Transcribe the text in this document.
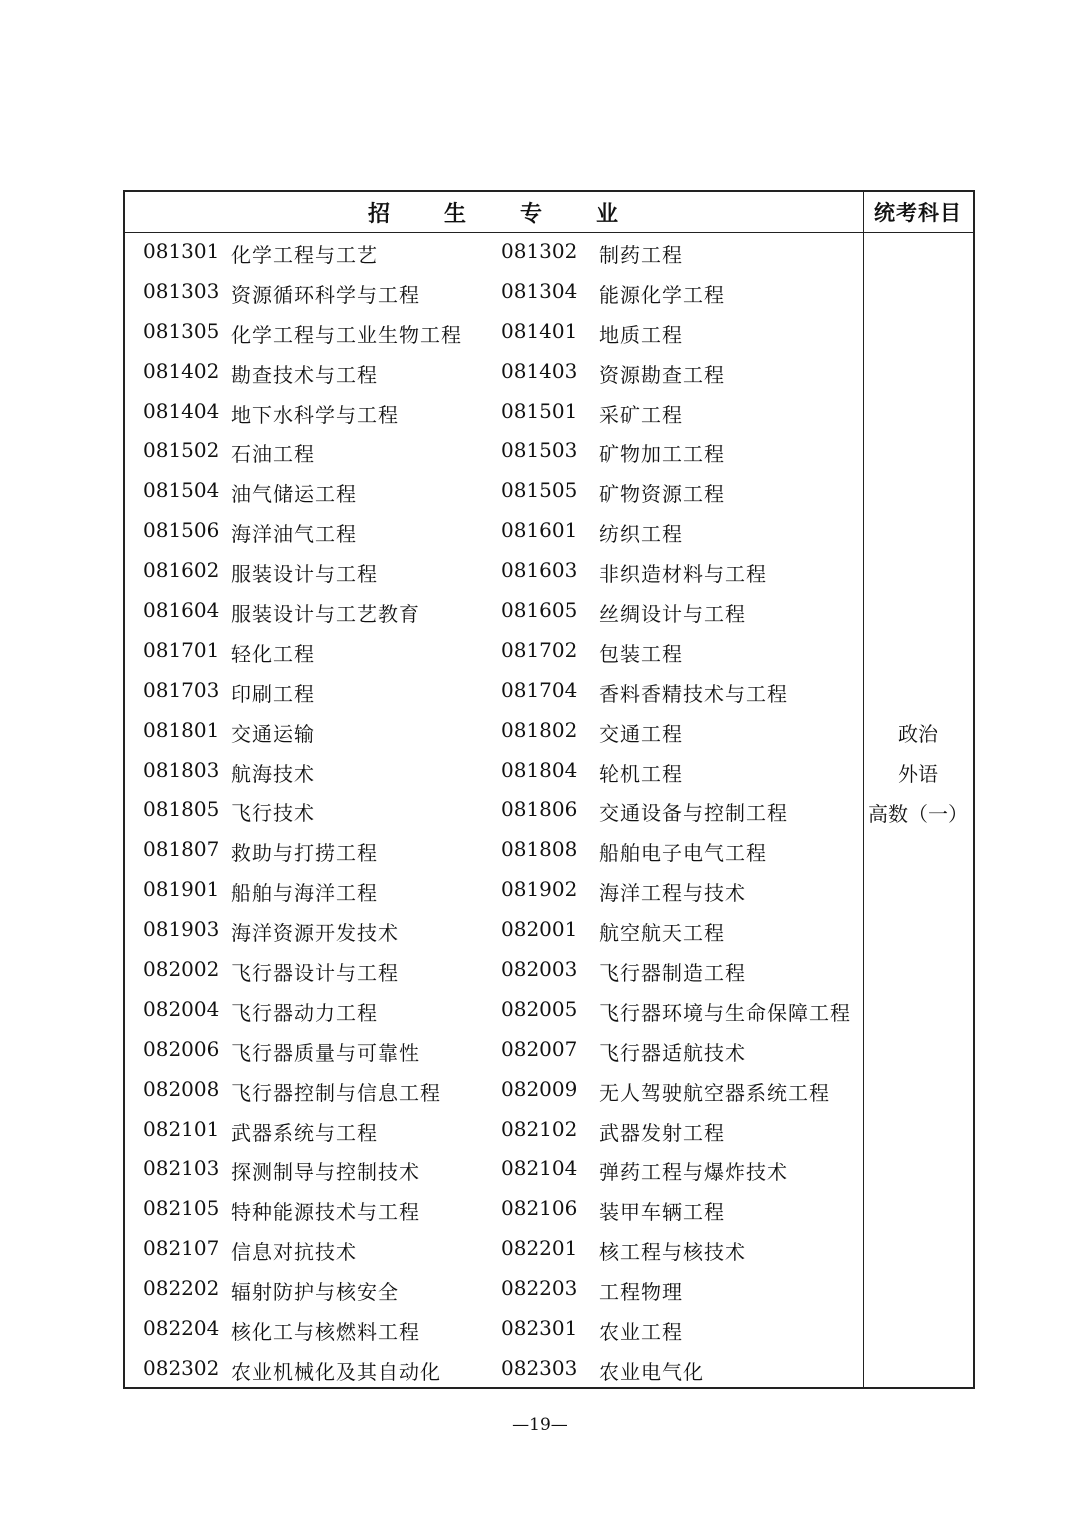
招 生 专 业	统考科目
081301 化学工程与工艺	081302 制药工程
081303 资源循环科学与工程	081304 能源化学工程
081305 化学工程与工业生物工程 081401 地质工程
081402 勘查技术与工程	081403 资源勘查工程
081404 地下水科学与工程	081501 采矿工程
081502 石油工程	081503 矿物加工工程
081504 油气储运工程	081505 矿物资源工程
081506 海洋油气工程	081601 纺织工程
081602 服装设计与工程	081603 非织造材料与工程
081604 服装设计与工艺教育	081605 丝绸设计与工程
081701 轻化工程	081702 包装工程
081703 印刷工程	081704 香料香精技术与工程
081801 交通运输	081802 交通工程
081803 航海技术	081804 轮机工程
081805 飞行技术	081806 交通设备与控制工程
081807 救助与打捞工程	081808 船舶电子电气工程
081901 船舶与海洋工程	081902 海洋工程与技术
081903 海洋资源开发技术	082001 航空航天工程
082002 飞行器设计与工程	082003 飞行器制造工程
082004 飞行器动力工程	082005 飞行器环境与生命保障工程
082006 飞行器质量与可靠性	082007 飞行器适航技术
082008 飞行器控制与信息工程	082009 无人驾驶航空器系统工程
082101 武器系统与工程	082102 武器发射工程
082103 探测制导与控制技术	082104 弹药工程与爆炸技术
082105 特种能源技术与工程	082106 装甲车辆工程
082107 信息对抗技术	082201 核工程与核技术
082202 辐射防护与核安全	082203 工程物理
082204 核化工与核燃料工程	082301 农业工程
082302 农业机械化及其自动化	082303 农业电气化
政治
外语
高数（一）
—19—
